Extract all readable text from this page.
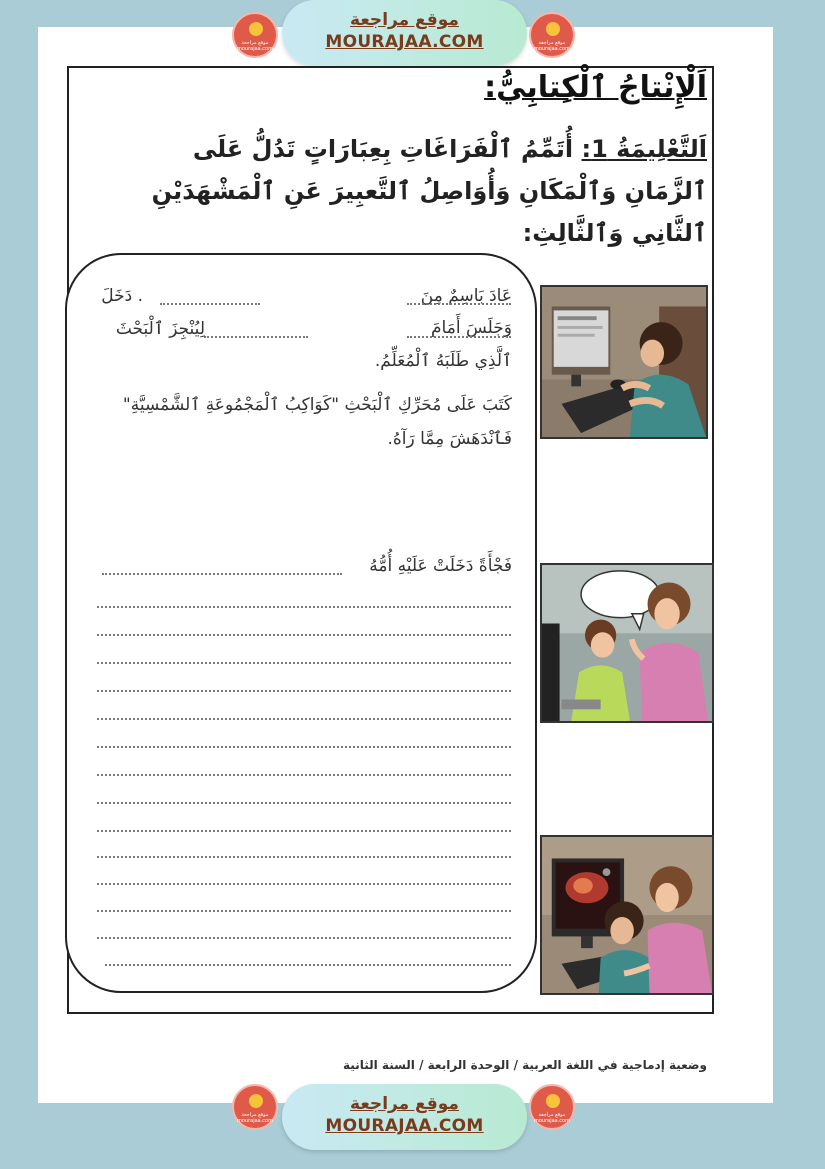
موقع مراجعة mourajaa.com
موقع مراجعة
MOURAJAA.COM	موقع مراجعة mourajaa.com
اَلْإِنْتاجُ ٱلْكِتابِيُّ:
اَلتَّعْلِيمَةُ 1: أُتَمِّمُ ٱلْفَرَاغَاتِ بِعِبَارَاتٍ تَدُلُّ عَلَى ٱلزَّمَانِ وَٱلْمَكَانِ وَأُوَاصِلُ ٱلتَّعبِيرَ عَنِ ٱلْمَشْهَدَيْنِ ٱلثَّانِي وَٱلثَّالِثِ:
عَادَ بَاسِمٌ مِنَ
. دَخَلَ
وَجَلَسَ أَمَامَ
لِيُنْجِزَ ٱلْبَحْثَ
ٱلَّذِي طَلَبَهُ ٱلْمُعَلِّمُ.
كَتَبَ عَلَى مُحَرِّكِ ٱلْبَحْثِ "كَوَاكِبُ ٱلْمَجْمُوعَةِ ٱلشَّمْسِيَّةِ"
فَٱنْدَهَشَ مِمَّا رَآهُ.
فَجْأَةً دَخَلَتْ عَلَيْهِ أُمُّهُ
وضعية إدماجية في اللغة العربية / الوحدة الرابعة / السنة الثانية
موقع مراجعة mourajaa.com
موقع مراجعة
MOURAJAA.COM
موقع مراجعة mourajaa.com
